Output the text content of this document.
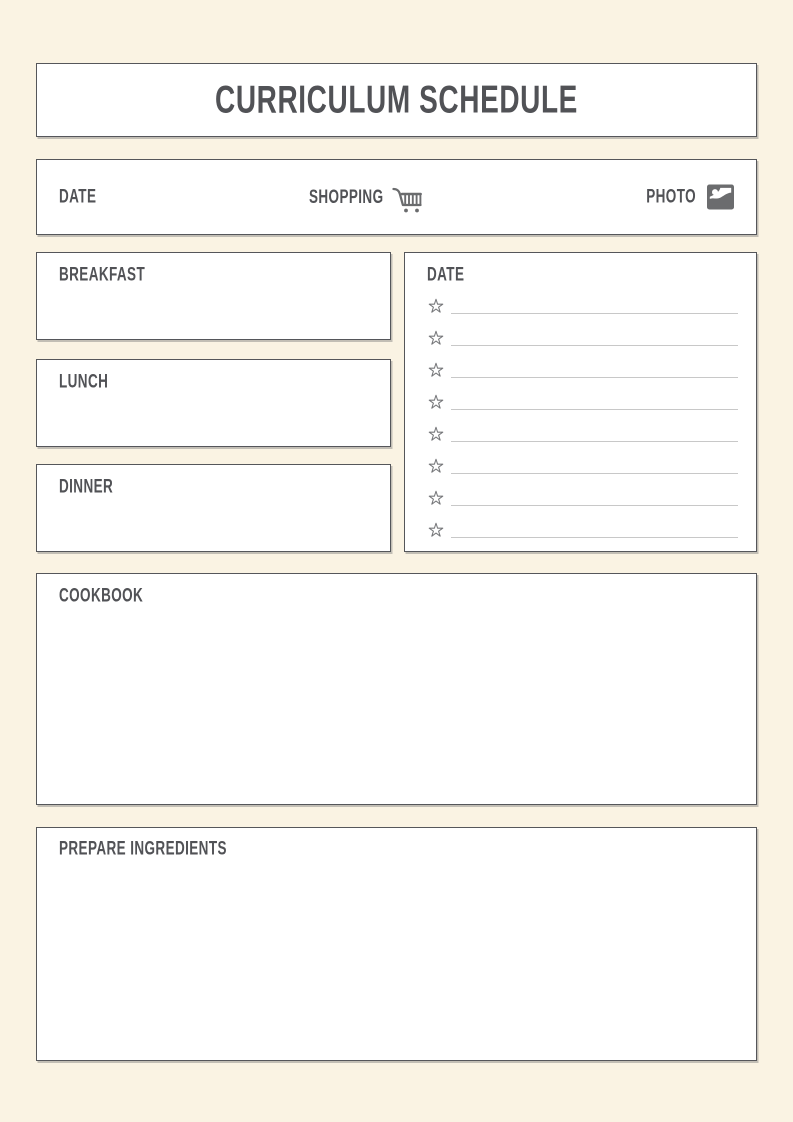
CURRICULUM SCHEDULE
DATE	SHOPPING	PHOTO
BREAKFAST
LUNCH
DINNER
DATE
COOKBOOK
PREPARE INGREDIENTS
